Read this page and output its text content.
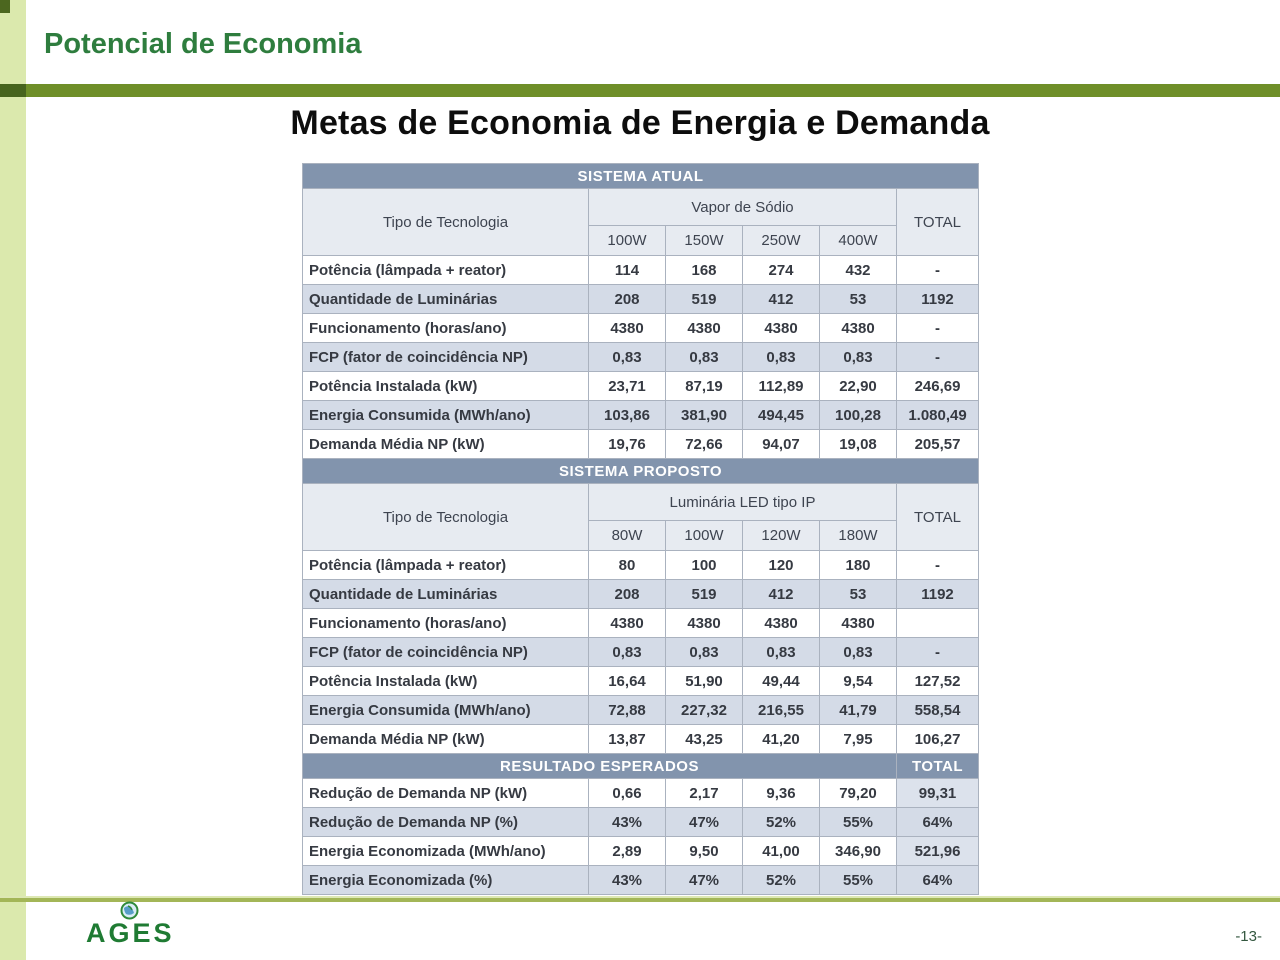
Potencial de Economia
Metas de Economia de Energia e Demanda
SISTEMA ATUAL					
Tipo de Tecnologia	Vapor de Sódio				TOTAL
	100W	150W	250W	400W	
Potência (lâmpada + reator)	114	168	274	432	-
Quantidade de Luminárias	208	519	412	53	1192
Funcionamento (horas/ano)	4380	4380	4380	4380	-
FCP (fator de coincidência NP)	0,83	0,83	0,83	0,83	-
Potência Instalada (kW)	23,71	87,19	112,89	22,90	246,69
Energia Consumida (MWh/ano)	103,86	381,90	494,45	100,28	1.080,49
Demanda Média NP (kW)	19,76	72,66	94,07	19,08	205,57
SISTEMA PROPOSTO					
Tipo de Tecnologia	Luminária LED tipo IP				TOTAL
	80W	100W	120W	180W	
Potência (lâmpada + reator)	80	100	120	180	-
Quantidade de Luminárias	208	519	412	53	1192
Funcionamento (horas/ano)	4380	4380	4380	4380	
FCP (fator de coincidência NP)	0,83	0,83	0,83	0,83	-
Potência Instalada (kW)	16,64	51,90	49,44	9,54	127,52
Energia Consumida (MWh/ano)	72,88	227,32	216,55	41,79	558,54
Demanda Média NP (kW)	13,87	43,25	41,20	7,95	106,27
RESULTADO ESPERADOS					TOTAL
Redução de Demanda NP (kW)	0,66	2,17	9,36	79,20	99,31
Redução de Demanda NP (%)	43%	47%	52%	55%	64%
Energia Economizada (MWh/ano)	2,89	9,50	41,00	346,90	521,96
Energia Economizada (%)	43%	47%	52%	55%	64%
AGES	-13-
